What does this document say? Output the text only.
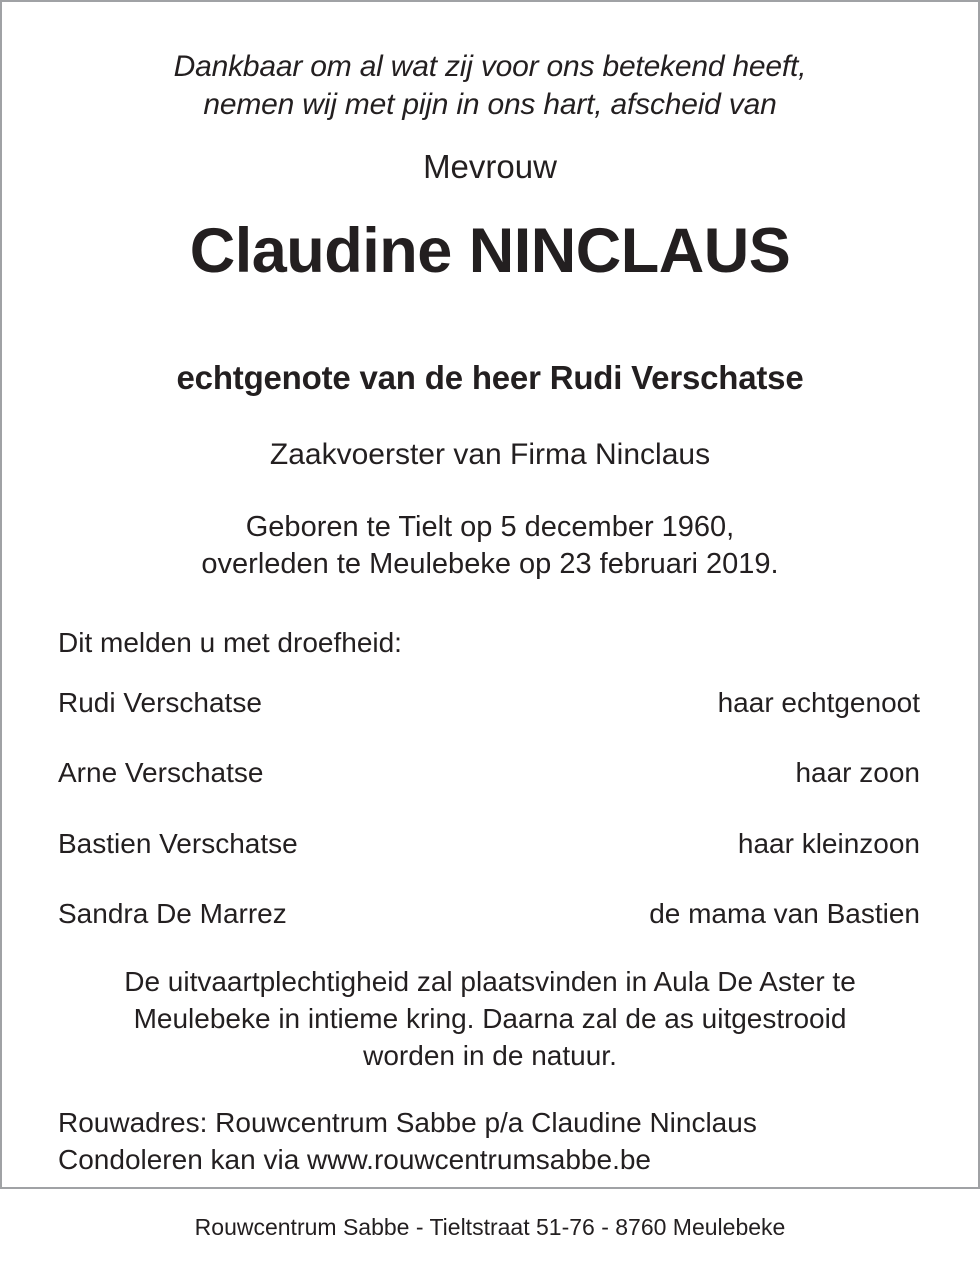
Dankbaar om al wat zij voor ons betekend heeft,
nemen wij met pijn in ons hart, afscheid van
Mevrouw
Claudine NINCLAUS
echtgenote van de heer Rudi Verschatse
Zaakvoerster van Firma Ninclaus
Geboren te Tielt op 5 december 1960,
overleden te Meulebeke op 23 februari 2019.
Dit melden u met droefheid:
Rudi Verschatse	haar echtgenoot
Arne Verschatse	haar zoon
Bastien Verschatse	haar kleinzoon
Sandra De Marrez	de mama van Bastien
De uitvaartplechtigheid zal plaatsvinden in Aula De Aster te
Meulebeke in intieme kring. Daarna zal de as uitgestrooid
worden in de natuur.
Rouwadres: Rouwcentrum Sabbe p/a Claudine Ninclaus
Condoleren kan via www.rouwcentrumsabbe.be
Rouwcentrum Sabbe - Tieltstraat 51-76 - 8760 Meulebeke
